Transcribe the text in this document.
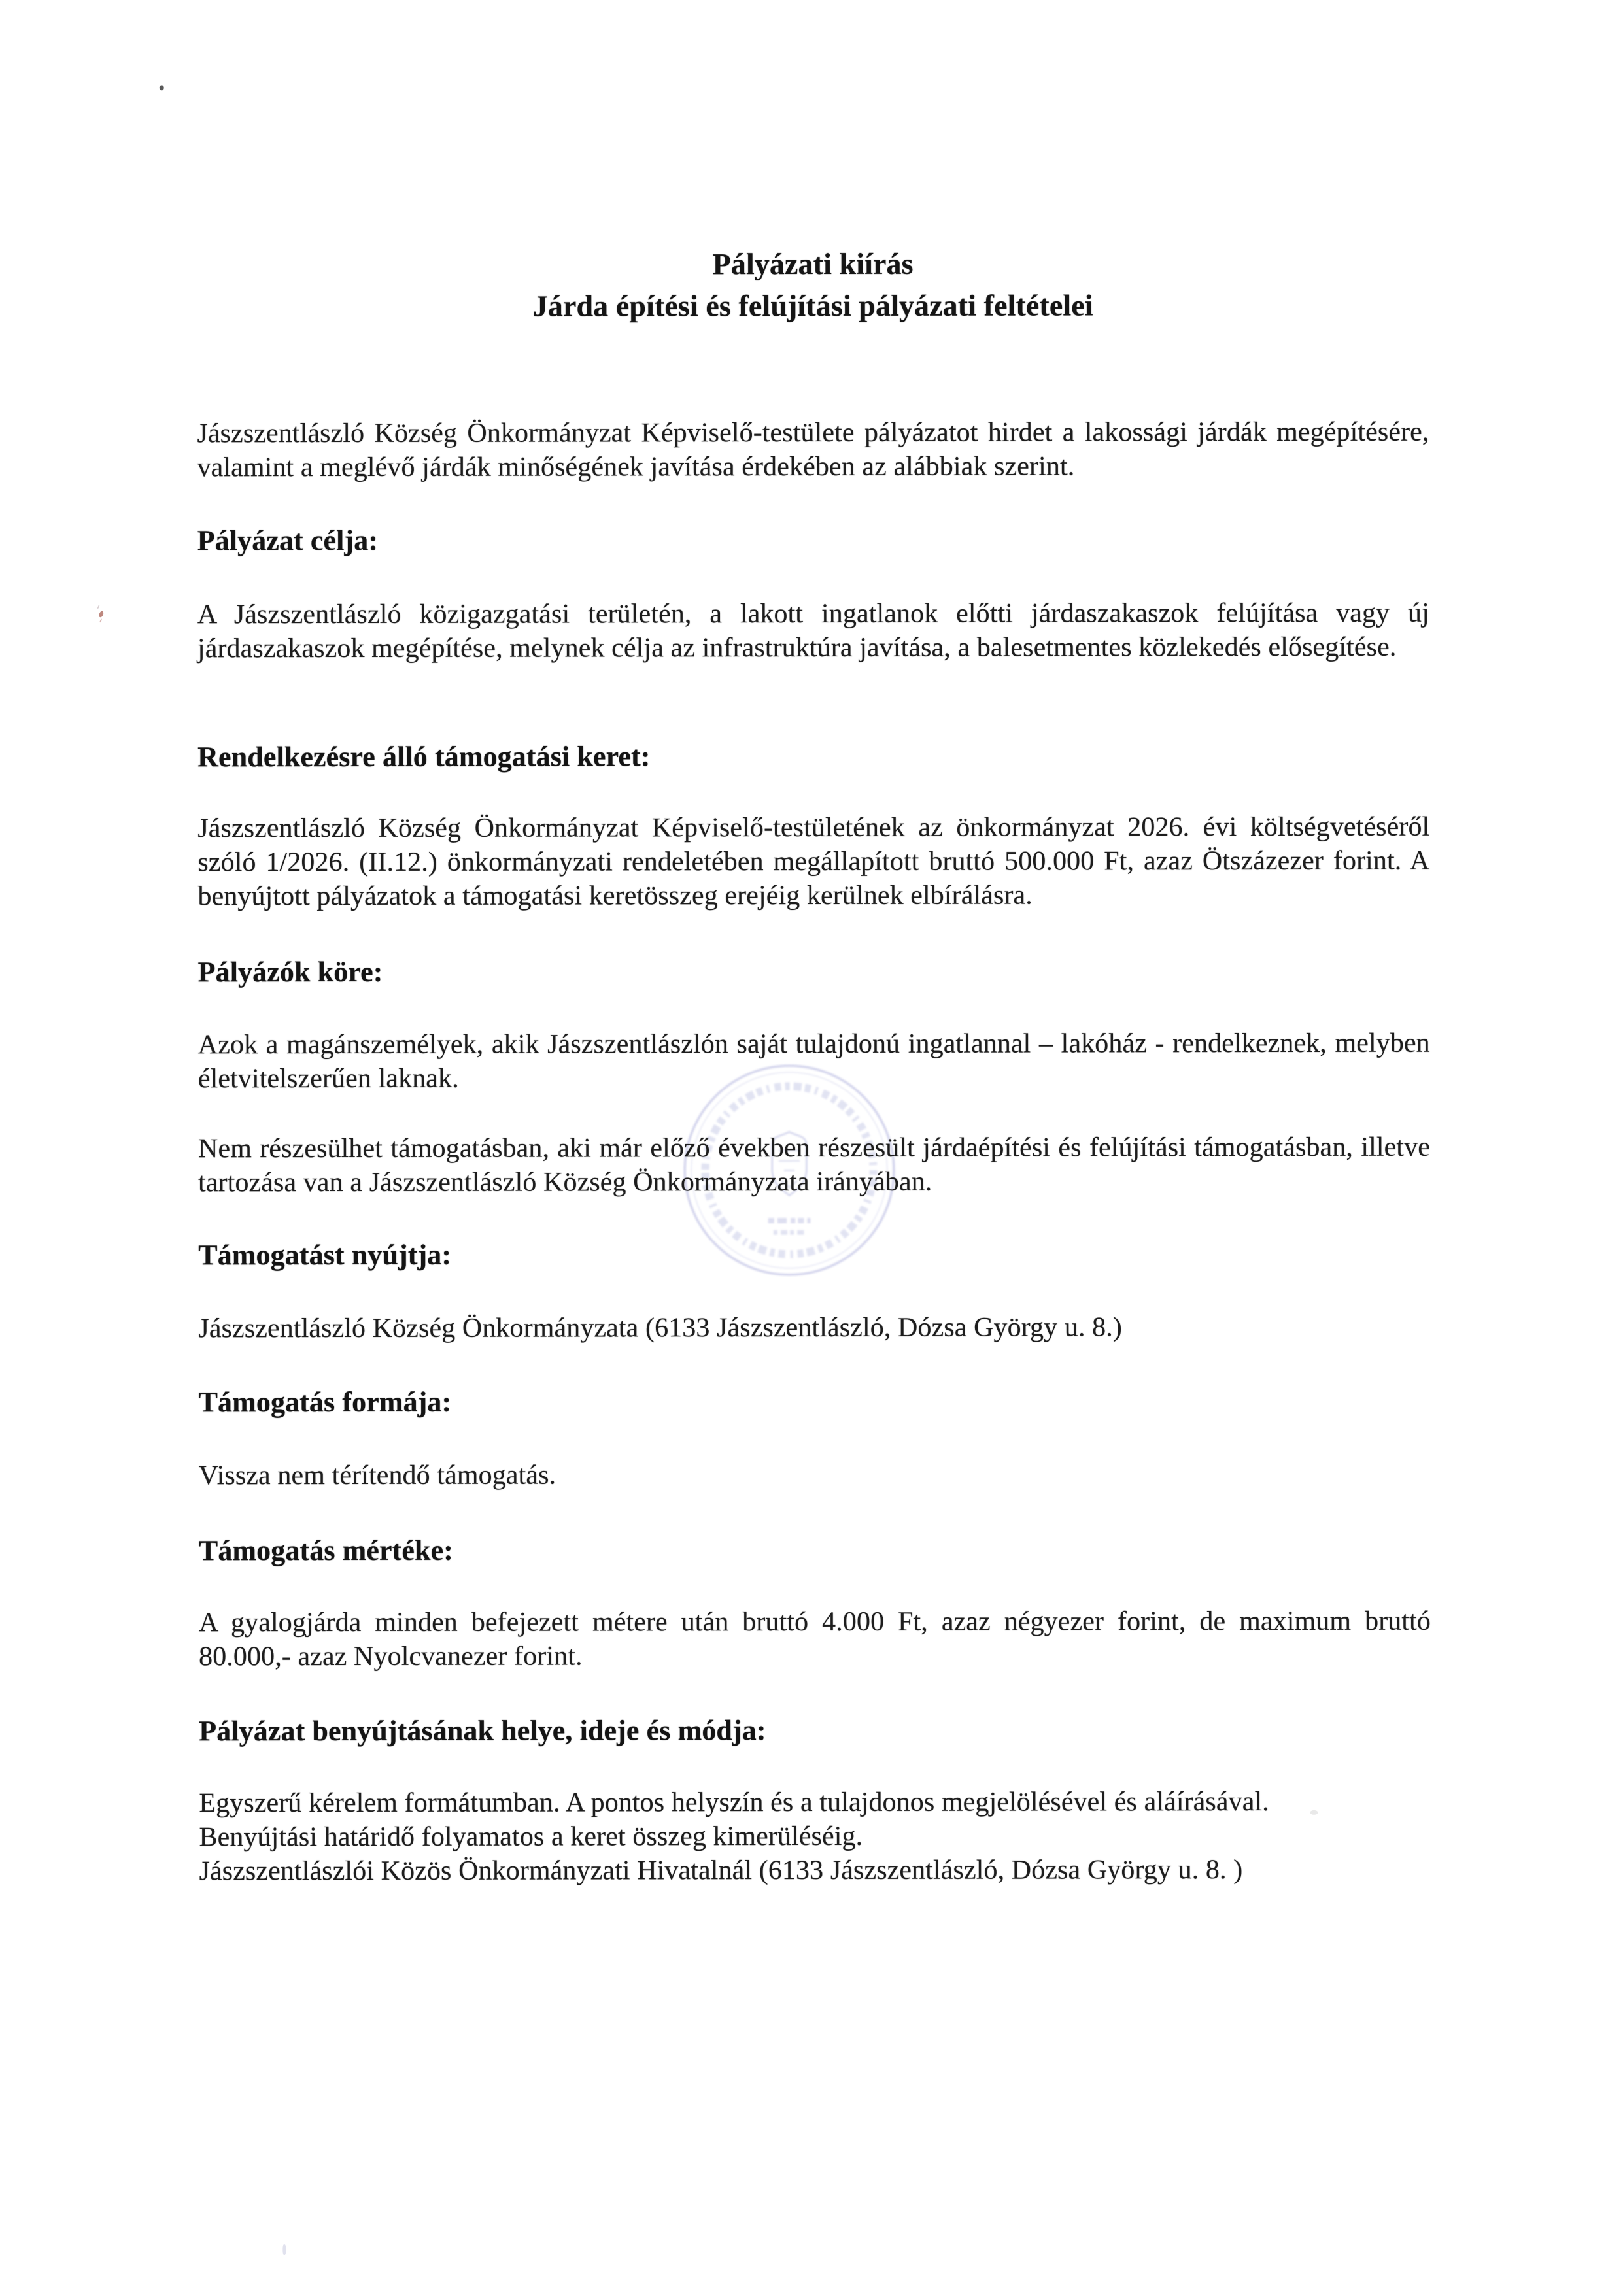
Pályázati kiírás
Járda építési és felújítási pályázati feltételei

Jászszentlászló Község Önkormányzat Képviselő-testülete pályázatot hirdet a lakossági járdák megépítésére, valamint a meglévő járdák minőségének javítása érdekében az alábbiak szerint.

Pályázat célja:

A Jászszentlászló közigazgatási területén, a lakott ingatlanok előtti járdaszakaszok felújítása vagy új járdaszakaszok megépítése, melynek célja az infrastruktúra javítása, a balesetmentes közlekedés elősegítése.

Rendelkezésre álló támogatási keret:

Jászszentlászló Község Önkormányzat Képviselő-testületének az önkormányzat 2026. évi költségvetéséről szóló 1/2026. (II.12.) önkormányzati rendeletében megállapított bruttó 500.000 Ft, azaz Ötszázezer forint. A benyújtott pályázatok a támogatási keretösszeg erejéig kerülnek elbírálásra.

Pályázók köre:

Azok a magánszemélyek, akik Jászszentlászlón saját tulajdonú ingatlannal – lakóház - rendelkeznek, melyben életvitelszerűen laknak.

Nem részesülhet támogatásban, aki már előző években részesült járdaépítési és felújítási támogatásban, illetve tartozása van a Jászszentlászló Község Önkormányzata irányában.

Támogatást nyújtja:

Jászszentlászló Község Önkormányzata (6133 Jászszentlászló, Dózsa György u. 8.)

Támogatás formája:

Vissza nem térítendő támogatás.

Támogatás mértéke:

A gyalogjárda minden befejezett métere után bruttó 4.000 Ft, azaz négyezer forint, de maximum bruttó 80.000,- azaz Nyolcvanezer forint.

Pályázat benyújtásának helye, ideje és módja:

Egyszerű kérelem formátumban. A pontos helyszín és a tulajdonos megjelölésével és aláírásával.
Benyújtási határidő folyamatos a keret összeg kimerüléséig.
Jászszentlászlói Közös Önkormányzati Hivatalnál (6133 Jászszentlászló, Dózsa György u. 8. )
